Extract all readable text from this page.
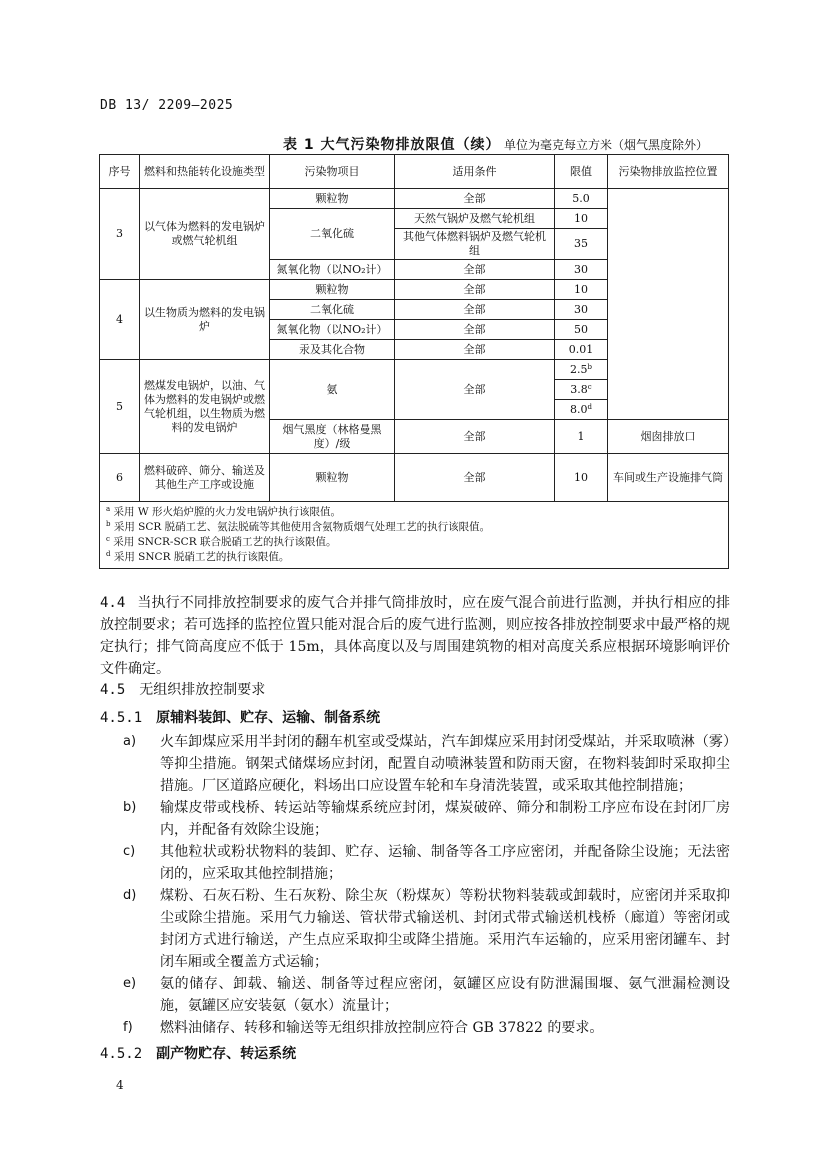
DB 13/ 2209—2025
表 1 大气污染物排放限值（续） 单位为毫克每立方米（烟气黑度除外）
序号	燃料和热能转化设施类型	污染物项目	适用条件	限值	污染物排放监控位置
3	以气体为燃料的发电锅炉或燃气轮机组	颗粒物	全部	5.0	
		二氧化硫	天然气锅炉及燃气轮机组	10	
			其他气体燃料锅炉及燃气轮机组	35	

		氮氧化物（以NO₂计）	全部	30	
4	以生物质为燃料的发电锅炉	颗粒物	全部	10	
		二氧化硫	全部	30	
		氮氧化物（以NO₂计）	全部	50	
		汞及其化合物	全部	0.01	
5	燃煤发电锅炉，以油、气体为燃料的发电锅炉或燃气轮机组，以生物质为燃料的发电锅炉	氨	全部	2.5$^b$
				3.8$^c$
				8.0$^d$
		烟气黑度（林格曼黑度）/级	全部	1	烟囱排放口
6	燃料破碎、筛分、输送及其他生产工序或设施	颗粒物	全部	10	车间或生产设施排气筒

$^a$ 采用 W 形火焰炉膛的火力发电锅炉执行该限值。
$^b$ 采用 SCR 脱硝工艺、氨法脱硫等其他使用含氨物质烟气处理工艺的执行该限值。
$^c$ 采用 SNCR-SCR 联合脱硝工艺的执行该限值。
$^d$ 采用 SNCR 脱硝工艺的执行该限值。					
4.4 当执行不同排放控制要求的废气合并排气筒排放时，应在废气混合前进行监测，并执行相应的排放控制要求；若可选择的监控位置只能对混合后的废气进行监测，则应按各排放控制要求中最严格的规定执行；排气筒高度应不低于 15m，具体高度以及与周围建筑物的相对高度关系应根据环境影响评价文件确定。
4.5 无组织排放控制要求
4.5.1 原辅料装卸、贮存、运输、制备系统
a) 火车卸煤应采用半封闭的翻车机室或受煤站，汽车卸煤应采用封闭受煤站，并采取喷淋（雾）等抑尘措施。钢架式储煤场应封闭，配置自动喷淋装置和防雨天窗，在物料装卸时采取抑尘措施。厂区道路应硬化，料场出口应设置车轮和车身清洗装置，或采取其他控制措施；
b) 输煤皮带或栈桥、转运站等输煤系统应封闭，煤炭破碎、筛分和制粉工序应布设在封闭厂房内，并配备有效除尘设施；
c) 其他粒状或粉状物料的装卸、贮存、运输、制备等各工序应密闭，并配备除尘设施；无法密闭的，应采取其他控制措施；
d) 煤粉、石灰石粉、生石灰粉、除尘灰（粉煤灰）等粉状物料装载或卸载时，应密闭并采取抑尘或除尘措施。采用气力输送、管状带式输送机、封闭式带式输送机栈桥（廊道）等密闭或封闭方式进行输送，产生点应采取抑尘或降尘措施。采用汽车运输的，应采用密闭罐车、封闭车厢或全覆盖方式运输；
e) 氨的储存、卸载、输送、制备等过程应密闭，氨罐区应设有防泄漏围堰、氨气泄漏检测设施，氨罐区应安装氨（氨水）流量计；
f) 燃料油储存、转移和输送等无组织排放控制应符合 GB 37822 的要求。
4.5.2 副产物贮存、转运系统
4
